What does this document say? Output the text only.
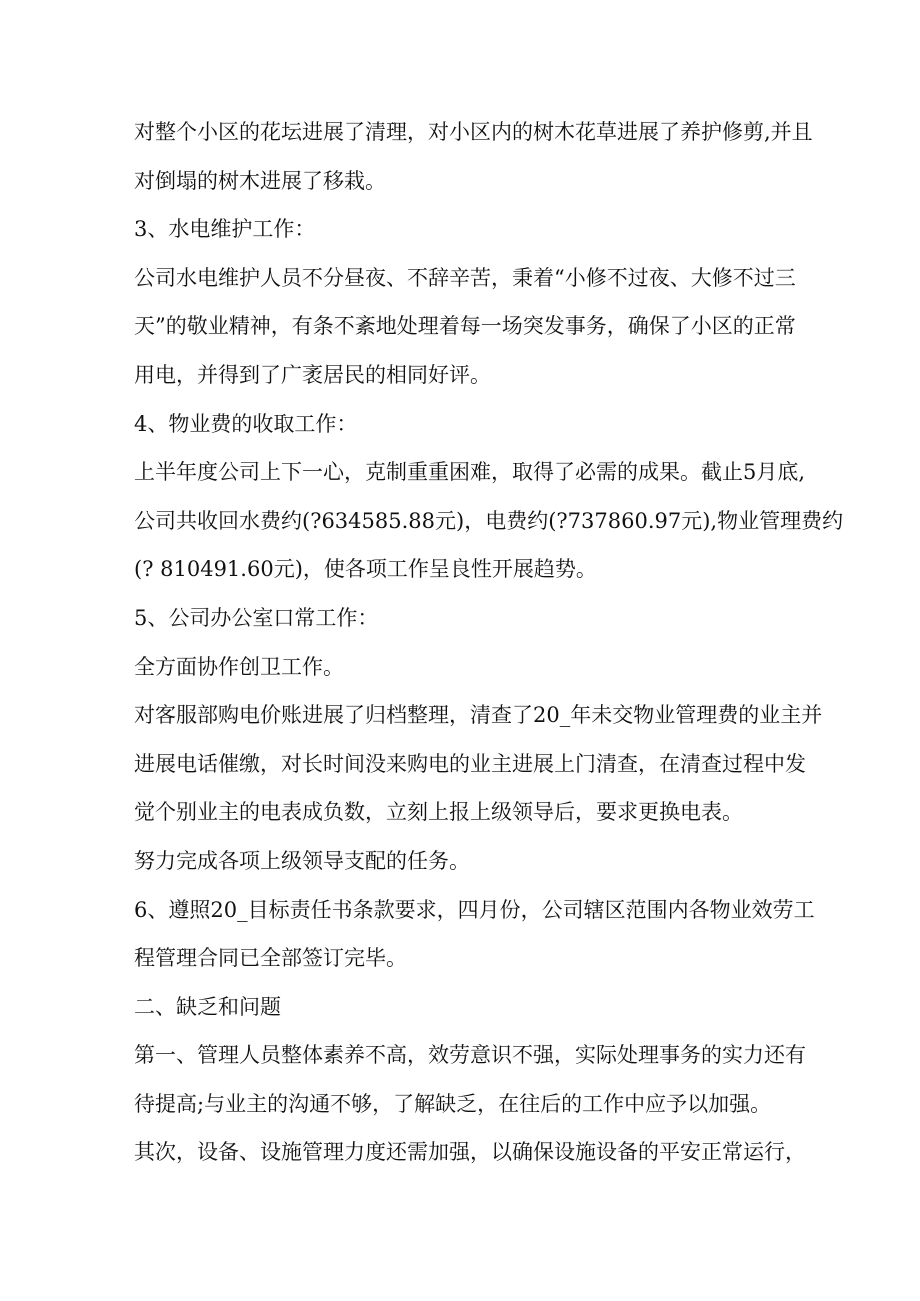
对整个小区的花坛进展了清理，对小区内的树木花草进展了养护修剪,并且
对倒塌的树木进展了移栽。
3、水电维护工作：
公司水电维护人员不分昼夜、不辞辛苦，秉着“小修不过夜、大修不过三
天”的敬业精神，有条不紊地处理着每一场突发事务，确保了小区的正常
用电，并得到了广袤居民的相同好评。
4、物业费的收取工作：
上半年度公司上下一心，克制重重困难，取得了必需的成果。截止5月底,
公司共收回水费约(?634585.88元)，电费约(?737860.97元),物业管理费约
(? 810491.60元)，使各项工作呈良性开展趋势。
5、公司办公室口常工作：
全方面协作创卫工作。
对客服部购电价账进展了归档整理，清查了20_年未交物业管理费的业主并
进展电话催缴，对长时间没来购电的业主进展上门清查，在清查过程中发
觉个别业主的电表成负数，立刻上报上级领导后，要求更换电表。
努力完成各项上级领导支配的任务。
6、遵照20_目标责任书条款要求，四月份，公司辖区范围内各物业效劳工
程管理合同已全部签订完毕。
二、缺乏和问题
第一、管理人员整体素养不高，效劳意识不强，实际处理事务的实力还有
待提高;与业主的沟通不够，了解缺乏，在往后的工作中应予以加强。
其次，设备、设施管理力度还需加强，以确保设施设备的平安正常运行，
